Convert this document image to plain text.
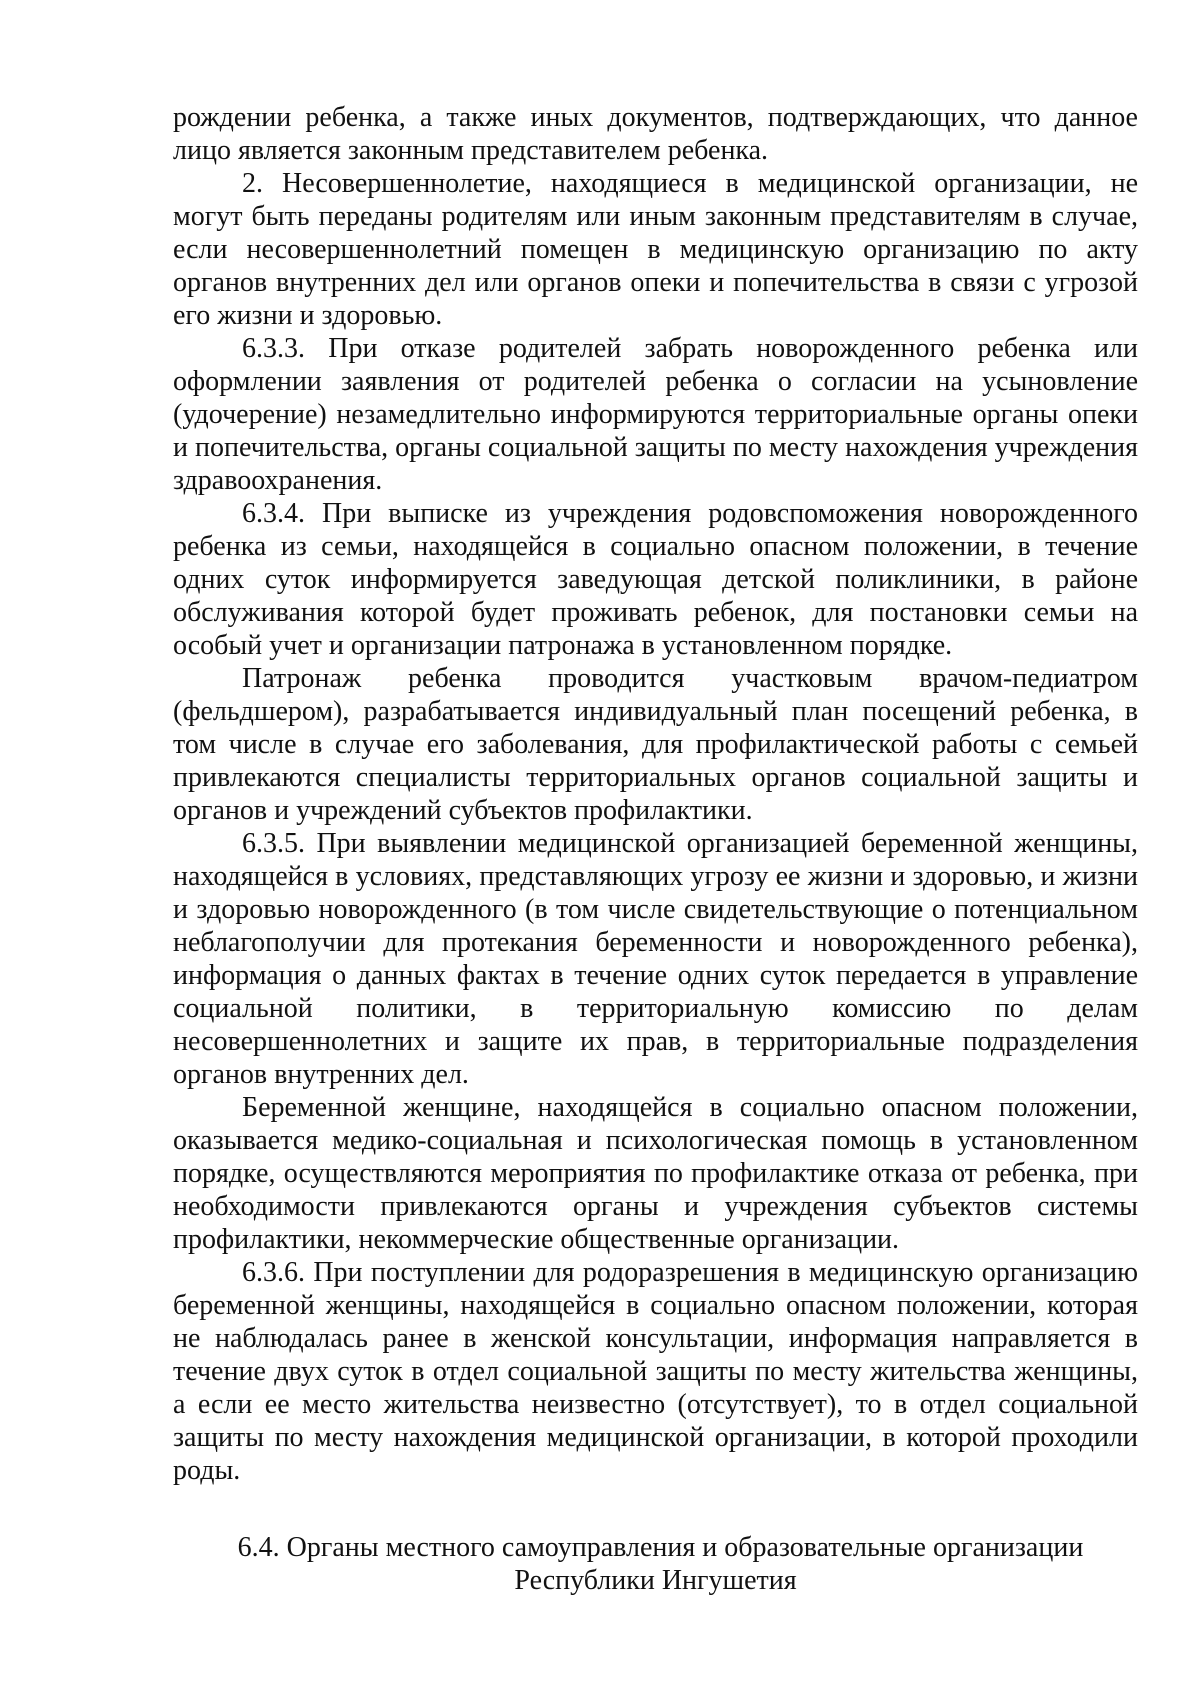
рождении ребенка, а также иных документов, подтверждающих, что данное лицо является законным представителем ребенка.

2. Несовершеннолетие, находящиеся в медицинской организации, не могут быть переданы родителям или иным законным представителям в случае, если несовершеннолетний помещен в медицинскую организацию по акту органов внутренних дел или органов опеки и попечительства в связи с угрозой его жизни и здоровью.

6.3.3. При отказе родителей забрать новорожденного ребенка или оформлении заявления от родителей ребенка о согласии на усыновление (удочерение) незамедлительно информируются территориальные органы опеки и попечительства, органы социальной защиты по месту нахождения учреждения здравоохранения.

6.3.4. При выписке из учреждения родовспоможения новорожденного ребенка из семьи, находящейся в социально опасном положении, в течение одних суток информируется заведующая детской поликлиники, в районе обслуживания которой будет проживать ребенок, для постановки семьи на особый учет и организации патронажа в установленном порядке.

Патронаж ребенка проводится участковым врачом-педиатром (фельдшером), разрабатывается индивидуальный план посещений ребенка, в том числе в случае его заболевания, для профилактической работы с семьей привлекаются специалисты территориальных органов социальной защиты и органов и учреждений субъектов профилактики.

6.3.5. При выявлении медицинской организацией беременной женщины, находящейся в условиях, представляющих угрозу ее жизни и здоровью, и жизни и здоровью новорожденного (в том числе свидетельствующие о потенциальном неблагополучии для протекания беременности и новорожденного ребенка), информация о данных фактах в течение одних суток передается в управление социальной политики, в территориальную комиссию по делам несовершеннолетних и защите их прав, в территориальные подразделения органов внутренних дел.

Беременной женщине, находящейся в социально опасном положении, оказывается медико-социальная и психологическая помощь в установленном порядке, осуществляются мероприятия по профилактике отказа от ребенка, при необходимости привлекаются органы и учреждения субъектов системы профилактики, некоммерческие общественные организации.

6.3.6. При поступлении для родоразрешения в медицинскую организацию беременной женщины, находящейся в социально опасном положении, которая не наблюдалась ранее в женской консультации, информация направляется в течение двух суток в отдел социальной защиты по месту жительства женщины, а если ее место жительства неизвестно (отсутствует), то в отдел социальной защиты по месту нахождения медицинской организации, в которой проходили роды.

6.4. Органы местного самоуправления и образовательные организации
Республики Ингушетия
